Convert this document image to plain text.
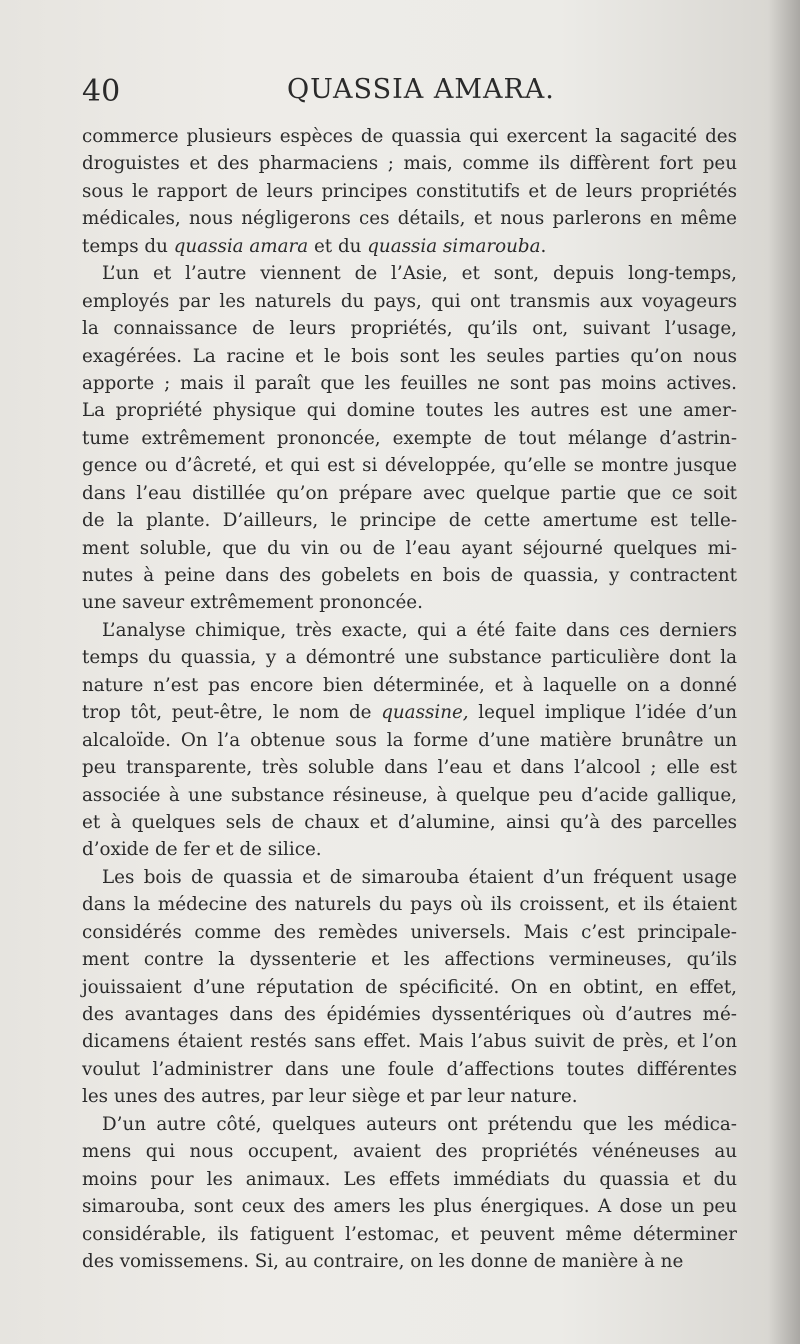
40	QUASSIA AMARA.
commerce plusieurs espèces de quassia qui exercent la sagacité des
droguistes et des pharmaciens ; mais, comme ils diffèrent fort peu
sous le rapport de leurs principes constitutifs et de leurs propriétés
médicales, nous négligerons ces détails, et nous parlerons en même
temps du quassia amara et du quassia simarouba.
L’un et l’autre viennent de l’Asie, et sont, depuis long-temps,
employés par les naturels du pays, qui ont transmis aux voyageurs
la connaissance de leurs propriétés, qu’ils ont, suivant l’usage,
exagérées. La racine et le bois sont les seules parties qu’on nous
apporte ; mais il paraît que les feuilles ne sont pas moins actives.
La propriété physique qui domine toutes les autres est une amer-
tume extrêmement prononcée, exempte de tout mélange d’astrin-
gence ou d’âcreté, et qui est si développée, qu’elle se montre jusque
dans l’eau distillée qu’on prépare avec quelque partie que ce soit
de la plante. D’ailleurs, le principe de cette amertume est telle-
ment soluble, que du vin ou de l’eau ayant séjourné quelques mi-
nutes à peine dans des gobelets en bois de quassia, y contractent
une saveur extrêmement prononcée.
L’analyse chimique, très exacte, qui a été faite dans ces derniers
temps du quassia, y a démontré une substance particulière dont la
nature n’est pas encore bien déterminée, et à laquelle on a donné
trop tôt, peut-être, le nom de quassine, lequel implique l’idée d’un
alcaloïde. On l’a obtenue sous la forme d’une matière brunâtre un
peu transparente, très soluble dans l’eau et dans l’alcool ; elle est
associée à une substance résineuse, à quelque peu d’acide gallique,
et à quelques sels de chaux et d’alumine, ainsi qu’à des parcelles
d’oxide de fer et de silice.
Les bois de quassia et de simarouba étaient d’un fréquent usage
dans la médecine des naturels du pays où ils croissent, et ils étaient
considérés comme des remèdes universels. Mais c’est principale-
ment contre la dyssenterie et les affections vermineuses, qu’ils
jouissaient d’une réputation de spécificité. On en obtint, en effet,
des avantages dans des épidémies dyssentériques où d’autres mé-
dicamens étaient restés sans effet. Mais l’abus suivit de près, et l’on
voulut l’administrer dans une foule d’affections toutes différentes
les unes des autres, par leur siège et par leur nature.
D’un autre côté, quelques auteurs ont prétendu que les médica-
mens qui nous occupent, avaient des propriétés vénéneuses au
moins pour les animaux. Les effets immédiats du quassia et du
simarouba, sont ceux des amers les plus énergiques. A dose un peu
considérable, ils fatiguent l’estomac, et peuvent même déterminer
des vomissemens. Si, au contraire, on les donne de manière à ne
